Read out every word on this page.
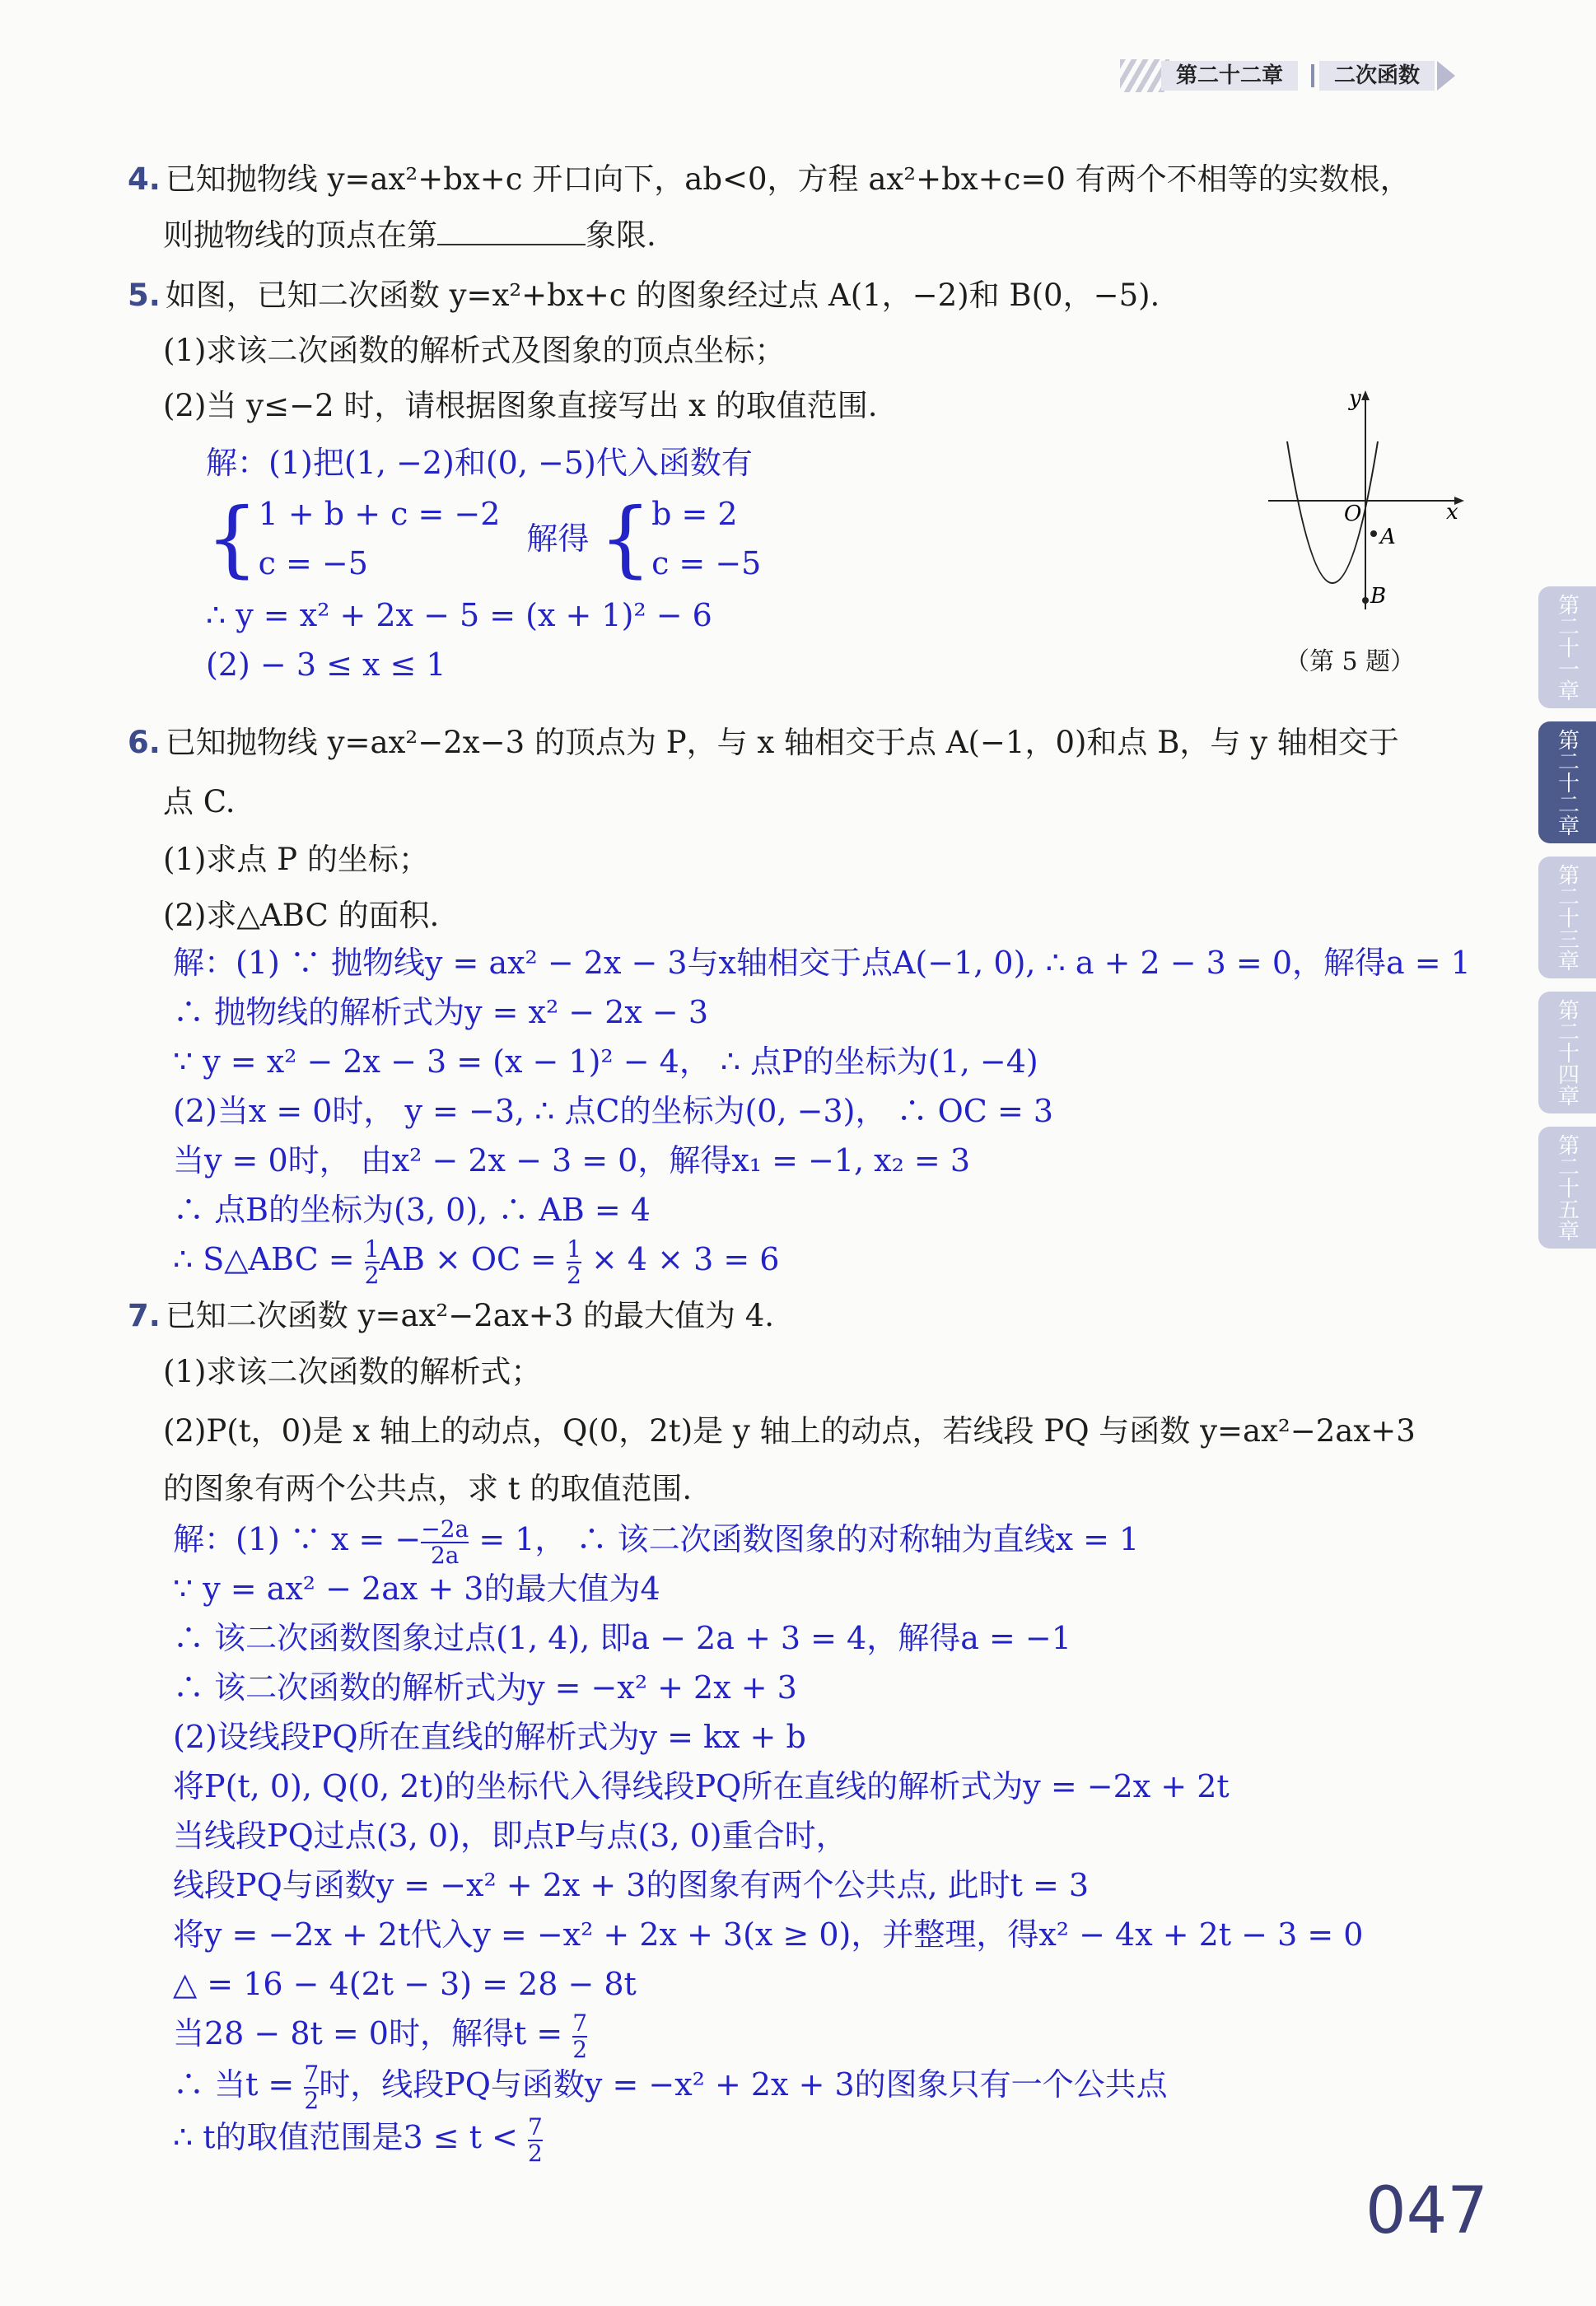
第二十二章	二次函数
第二十一章
第二十二章
第二十三章
第二十四章
第二十五章
4. 已知抛物线 y=ax²+bx+c 开口向下，ab<0，方程 ax²+bx+c=0 有两个不相等的实数根，
则抛物线的顶点在第	象限.
5. 如图，已知二次函数 y=x²+bx+c 的图象经过点 A(1，−2)和 B(0，−5).
(1)求该二次函数的解析式及图象的顶点坐标；
(2)当 y≤−2 时，请根据图象直接写出 x 的取值范围.
解：(1)把(1, −2)和(0, −5)代入函数有
{ 1 + b + c = −2
c = −5
解得 { b = 2
c = −5
∴ y = x² + 2x − 5 = (x + 1)² − 6
(2) − 3 ≤ x ≤ 1
y
x
O
A
B
（第 5 题）
6. 已知抛物线 y=ax²−2x−3 的顶点为 P，与 x 轴相交于点 A(−1，0)和点 B，与 y 轴相交于
点 C.
(1)求点 P 的坐标；
(2)求△ABC 的面积.
解：(1) ∵ 抛物线y = ax² − 2x − 3与x轴相交于点A(−1, 0), ∴ a + 2 − 3 = 0，解得a = 1
∴ 抛物线的解析式为y = x² − 2x − 3
∵ y = x² − 2x − 3 = (x − 1)² − 4， ∴ 点P的坐标为(1, −4)
(2)当x = 0时， y = −3, ∴ 点C的坐标为(0, −3)， ∴ OC = 3
当y = 0时， 由x² − 2x − 3 = 0，解得x₁ = −1, x₂ = 3
∴ 点B的坐标为(3, 0), ∴ AB = 4
∴ S△ABC = $\frac{1}{2}$ AB × OC = $\frac{1}{2} \times 4 \times 3 = 6$
7. 已知二次函数 y=ax²−2ax+3 的最大值为 4.
(1)求该二次函数的解析式；
(2)P(t，0)是 x 轴上的动点，Q(0，2t)是 y 轴上的动点，若线段 PQ 与函数 y=ax²−2ax+3
的图象有两个公共点，求 t 的取值范围.
解：(1) ∵ x = − $\frac{-2a}{2a} = 1$， ∴ 该二次函数图象的对称轴为直线x = 1
∵ y = ax² − 2ax + 3的最大值为4
∴ 该二次函数图象过点(1, 4), 即a − 2a + 3 = 4，解得a = −1
∴ 该二次函数的解析式为y = −x² + 2x + 3
(2)设线段PQ所在直线的解析式为y = kx + b
将P(t, 0), Q(0, 2t)的坐标代入得线段PQ所在直线的解析式为y = −2x + 2t
当线段PQ过点(3, 0)，即点P与点(3, 0)重合时，
线段PQ与函数y = −x² + 2x + 3的图象有两个公共点, 此时t = 3
将y = −2x + 2t代入y = −x² + 2x + 3(x ≥ 0)，并整理，得x² − 4x + 2t − 3 = 0
△ = 16 − 4(2t − 3) = 28 − 8t
当28 − 8t = 0时，解得$t = \frac{7}{2}$
∴ 当$t = \frac{7}{2}$ 时，线段PQ与函数y = −x² + 2x + 3的图象只有一个公共点
∴ t的取值范围是$3 \le t < \frac{7}{2}$
047
